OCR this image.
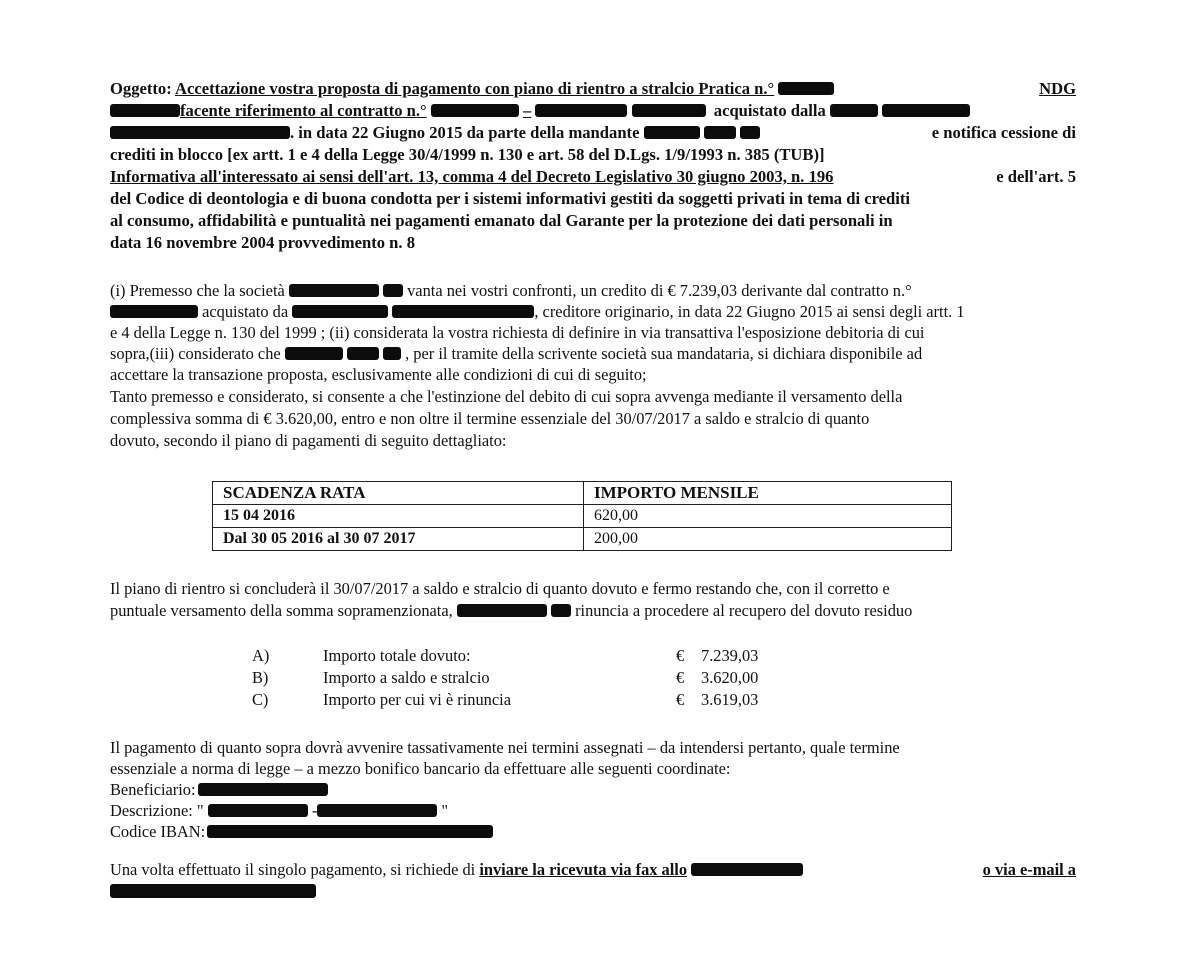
Oggetto: Accettazione vostra proposta di pagamento con piano di rientro a stralcio Pratica n.°	NDG
facente riferimento al contratto n.°	–	acquistato dalla
. in data 22 Giugno 2015 da parte della mandante	e notifica cessione di
crediti in blocco [ex artt. 1 e 4 della Legge 30/4/1999 n. 130 e art. 58 del D.Lgs. 1/9/1993 n. 385 (TUB)]
Informativa all'interessato ai sensi dell'art. 13, comma 4 del Decreto Legislativo 30 giugno 2003, n. 196	e dell'art. 5
del Codice di deontologia e di buona condotta per i sistemi informativi gestiti da soggetti privati in tema di crediti
al consumo, affidabilità e puntualità nei pagamenti emanato dal Garante per la protezione dei dati personali in
data 16 novembre 2004 provvedimento n. 8
(i) Premesso che la società	vanta nei vostri confronti, un credito di € 7.239,03 derivante dal contratto n.°
acquistato da	, creditore originario, in data 22 Giugno 2015 ai sensi degli artt. 1
e 4 della Legge n. 130 del 1999 ; (ii) considerata la vostra richiesta di definire in via transattiva l'esposizione debitoria di cui
sopra,(iii) considerato che	, per il tramite della scrivente società sua mandataria, si dichiara disponibile ad
accettare la transazione proposta, esclusivamente alle condizioni di cui di seguito;
Tanto premesso e considerato, si consente a che l'estinzione del debito di cui sopra avvenga mediante il versamento della
complessiva somma di € 3.620,00, entro e non oltre il termine essenziale del 30/07/2017 a saldo e stralcio di quanto
dovuto, secondo il piano di pagamenti di seguito dettagliato:
SCADENZA RATA	IMPORTO MENSILE
15 04 2016	620,00
Dal 30 05 2016 al 30 07 2017	200,00
Il piano di rientro si concluderà il 30/07/2017 a saldo e stralcio di quanto dovuto e fermo restando che, con il corretto e
puntuale versamento della somma sopramenzionata,	rinuncia a procedere al recupero del dovuto residuo
A)	Importo totale dovuto:	€ 7.239,03
B)	Importo a saldo e stralcio	€ 3.620,00
C)	Importo per cui vi è rinuncia	€ 3.619,03
Il pagamento di quanto sopra dovrà avvenire tassativamente nei termini assegnati – da intendersi pertanto, quale termine
essenziale a norma di legge – a mezzo bonifico bancario da effettuare alle seguenti coordinate:
Beneficiario:
Descrizione: "	-	"
Codice IBAN:
Una volta effettuato il singolo pagamento, si richiede di inviare la ricevuta via fax allo	o via e-mail a
